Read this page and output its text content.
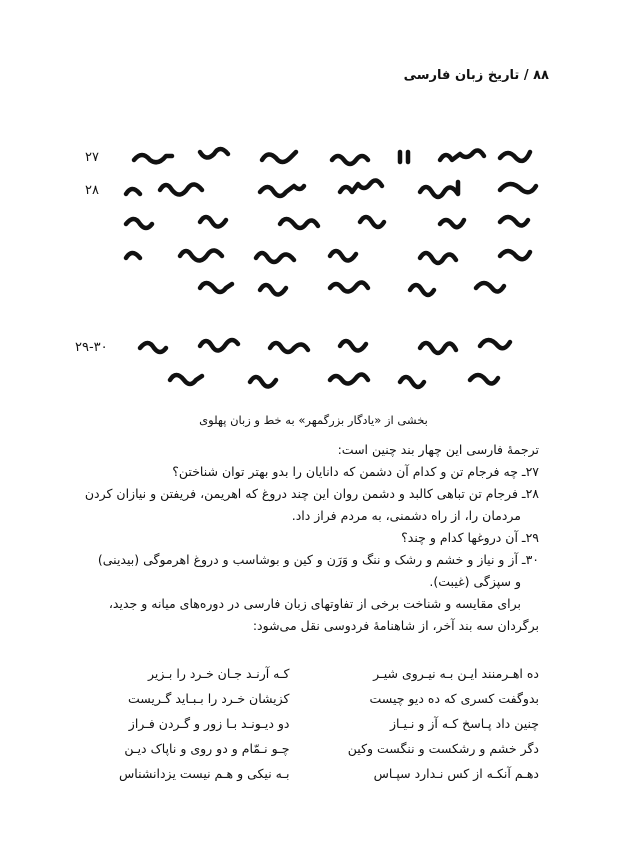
۸۸ / تاریخ زبان فارسی
۲۷
۲۸
۲۹-۳۰
بخشی از «یادگار بزرگمهر» به خط و زبان پهلوی

ترجمهٔ فارسی این چهار بند چنین است:

۲۷ـ چه فرجام تن و کدام آن دشمن که دانایان را بدو بهتر توان شناختن؟

۲۸ـ فرجام تن تباهی کالبد و دشمن روان این چند دروغ که اهریمن، فریفتن و نیازان کردن

مردمان را، از راه دشمنی، به مردم فراز داد.

۲۹ـ آن دروغها کدام و چند؟

۳۰ـ آز و نیاز و خشم و رشک و ننگ و وَرَن و کین و بوشاسب و دروغ اهرموگی (بیدینی)

و سپزگی (غیبت).

برای مقایسه و شناخت برخی از تفاوتهای زبان فارسی در دوره‌های میانه و جدید،

برگردان سه بند آخر، از شاهنامهٔ فردوسی نقل می‌شود:

ده اهـرمنند ایـن بـه نیـروی شیـر
کـه آرنـد جـان خـرد را بـزیر
بدوگفت کسری که ده دیو چیست
کزیشان خـرد را بـبـاید گـریست
چنین داد پـاسخ کـه آز و نـیـاز
دو دیـونـد بـا زور و گـردن فـراز
دگر خشم و رشکست و ننگست وکین
چـو نـمّام و دو روی و ناپاک دیـن
دهـم آنکـه از کس نـدارد سپـاس
بـه نیکی و هـم نیست یزدانشناس
